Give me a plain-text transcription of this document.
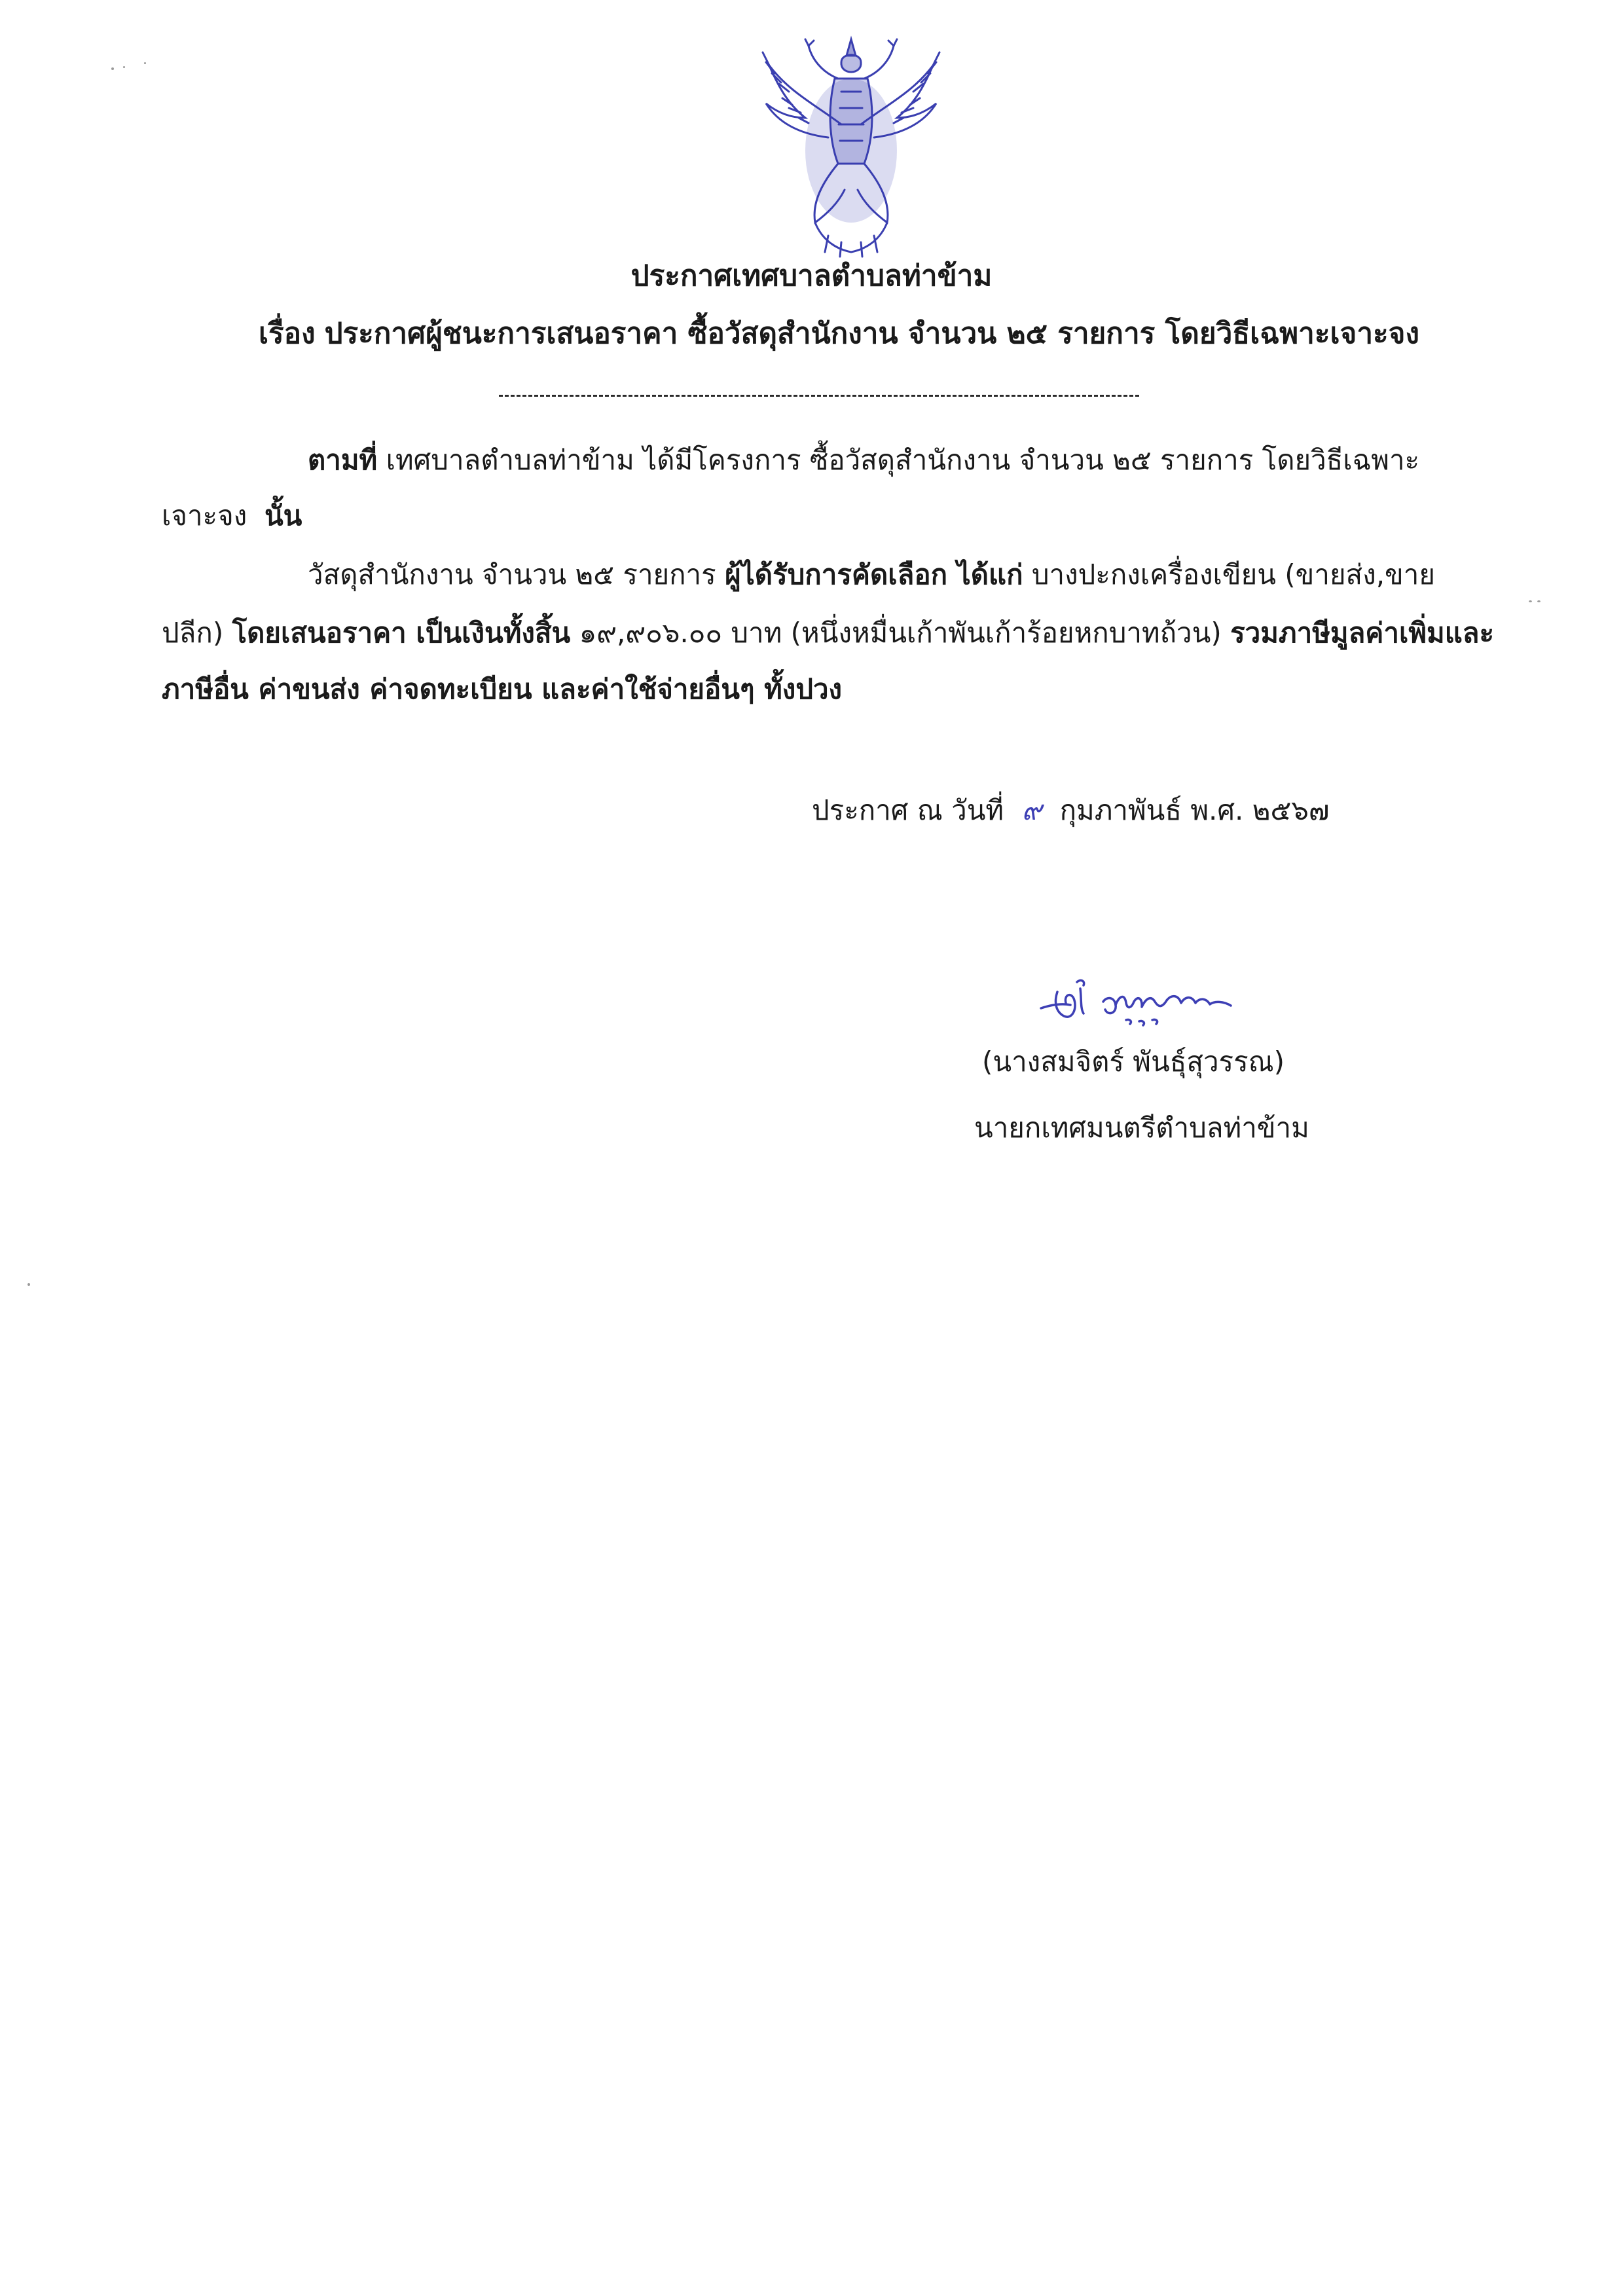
ประกาศเทศบาลตำบลท่าข้าม
เรื่อง ประกาศผู้ชนะการเสนอราคา ซื้อวัสดุสำนักงาน จำนวน ๒๕ รายการ โดยวิธีเฉพาะเจาะจง
ตามที่ เทศบาลตำบลท่าข้าม ได้มีโครงการ ซื้อวัสดุสำนักงาน จำนวน ๒๕ รายการ โดยวิธีเฉพาะ
เจาะจง นั้น
วัสดุสำนักงาน จำนวน ๒๕ รายการ ผู้ได้รับการคัดเลือก ได้แก่ บางปะกงเครื่องเขียน (ขายส่ง,ขาย
ปลีก) โดยเสนอราคา เป็นเงินทั้งสิ้น ๑๙,๙๐๖.๐๐ บาท (หนึ่งหมื่นเก้าพันเก้าร้อยหกบาทถ้วน) รวมภาษีมูลค่าเพิ่มและ
ภาษีอื่น ค่าขนส่ง ค่าจดทะเบียน และค่าใช้จ่ายอื่นๆ ทั้งปวง
ประกาศ ณ วันที่ ๙ กุมภาพันธ์ พ.ศ. ๒๕๖๗
(นางสมจิตร์ พันธุ์สุวรรณ)
นายกเทศมนตรีตำบลท่าข้าม
